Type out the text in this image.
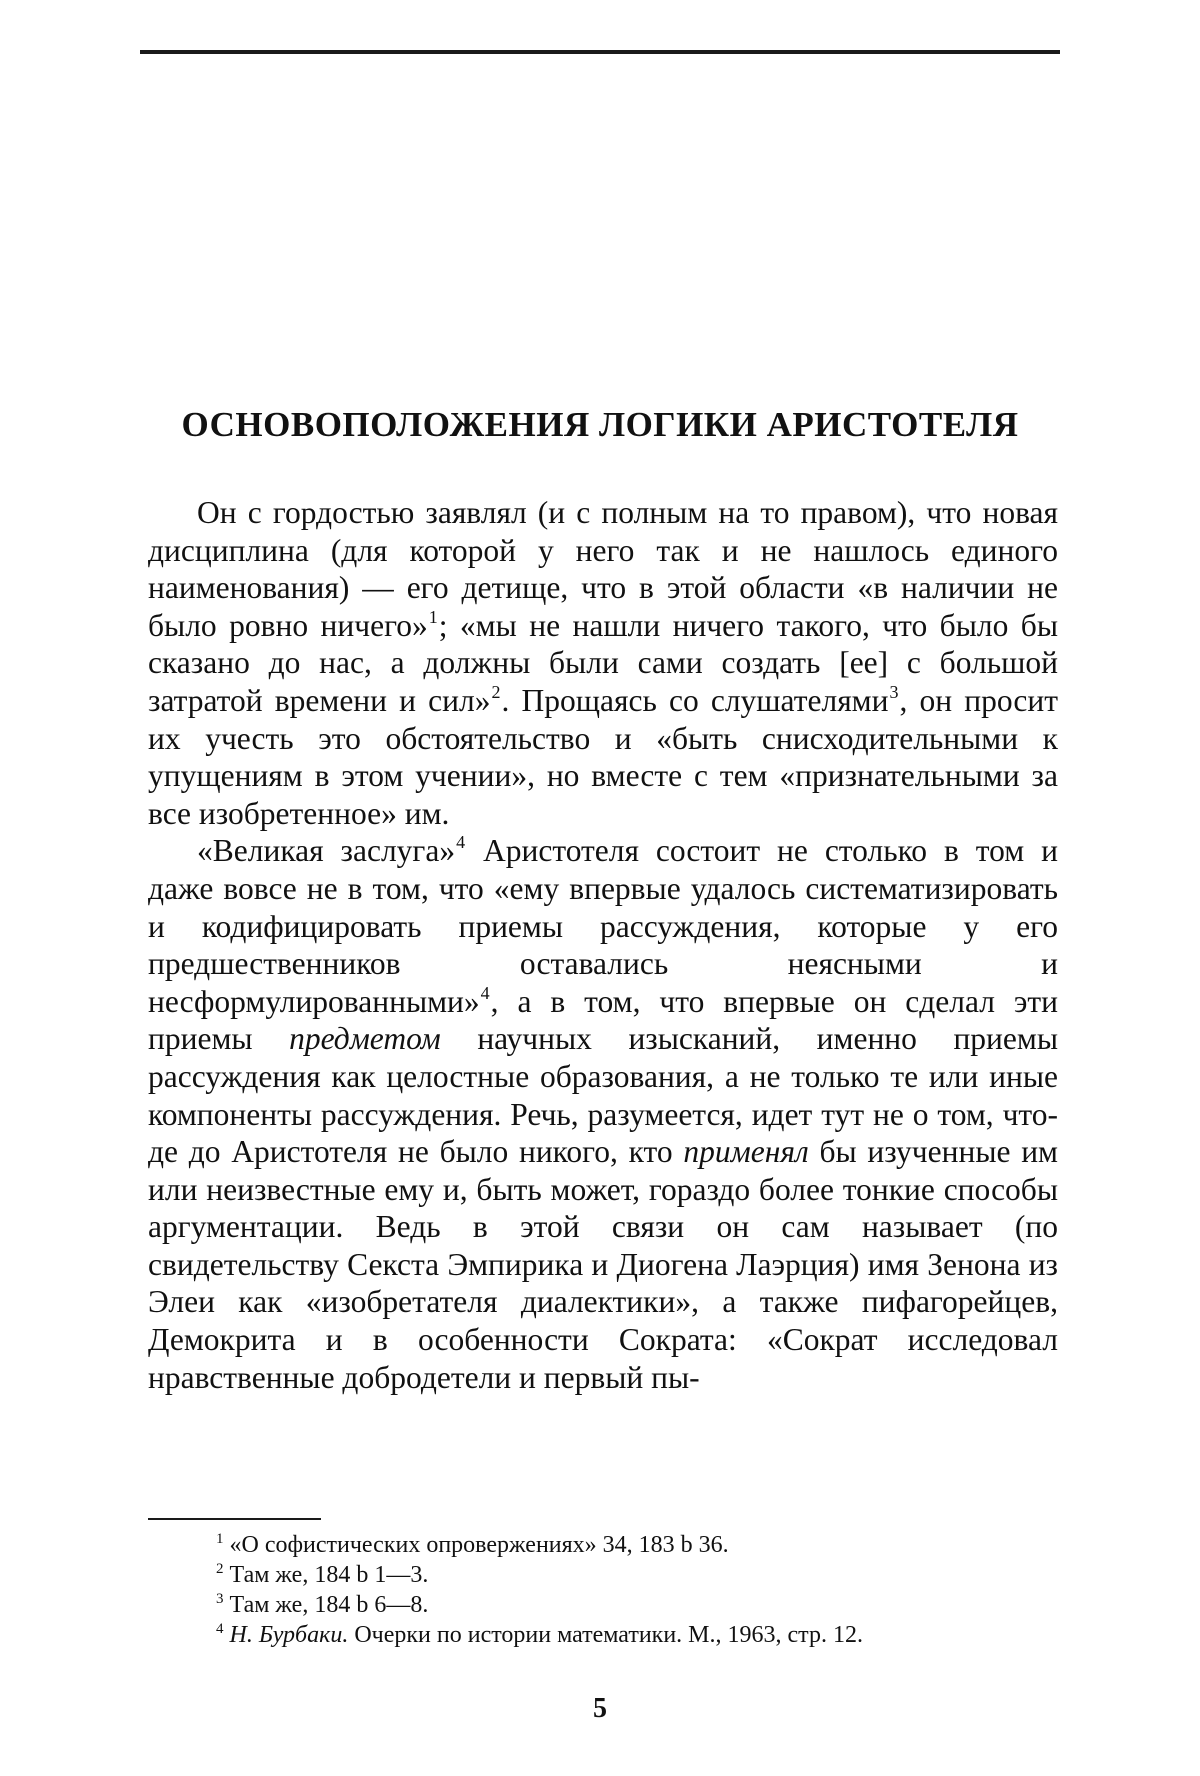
ОСНОВОПОЛОЖЕНИЯ ЛОГИКИ АРИСТОТЕЛЯ

Он с гордостью заявлял (и с полным на то правом), что новая дисциплина (для которой у него так и не нашлось единого наименования) — его детище, что в этой области «в наличии не было ровно ничего»$^1$; «мы не нашли ничего такого, что было бы сказано до нас, а должны были сами создать [ее] с большой затратой времени и сил»$^2$. Прощаясь со слушателями$^3$, он просит их учесть это обстоятельство и «быть снисходительными к упущениям в этом учении», но вместе с тем «признательными за все изобретенное» им.

«Великая заслуга»$^4$ Аристотеля состоит не столько в том и даже вовсе не в том, что «ему впервые удалось систематизировать и кодифицировать приемы рассуждения, которые у его предшественников оставались неясными и несформулированными»$^4$, а в том, что впервые он сделал эти приемы предметом научных изысканий, именно приемы рассуждения как целостные образования, а не только те или иные компоненты рассуждения. Речь, разумеется, идет тут не о том, что-де до Аристотеля не было никого, кто применял бы изученные им или неизвестные ему и, быть может, гораздо более тонкие способы аргументации. Ведь в этой связи он сам называет (по свидетельству Секста Эмпирика и Диогена Лаэрция) имя Зенона из Элеи как «изобретателя диалектики», а также пифагорейцев, Демокрита и в особенности Сократа: «Сократ исследовал нравственные добродетели и первый пы-

$^1$ «О софистических опровержениях» 34, 183 b 36.

$^2$ Там же, 184 b 1—3.

$^3$ Там же, 184 b 6—8.

$^4$ Н. Бурбаки. Очерки по истории математики. М., 1963, стр. 12.

5
